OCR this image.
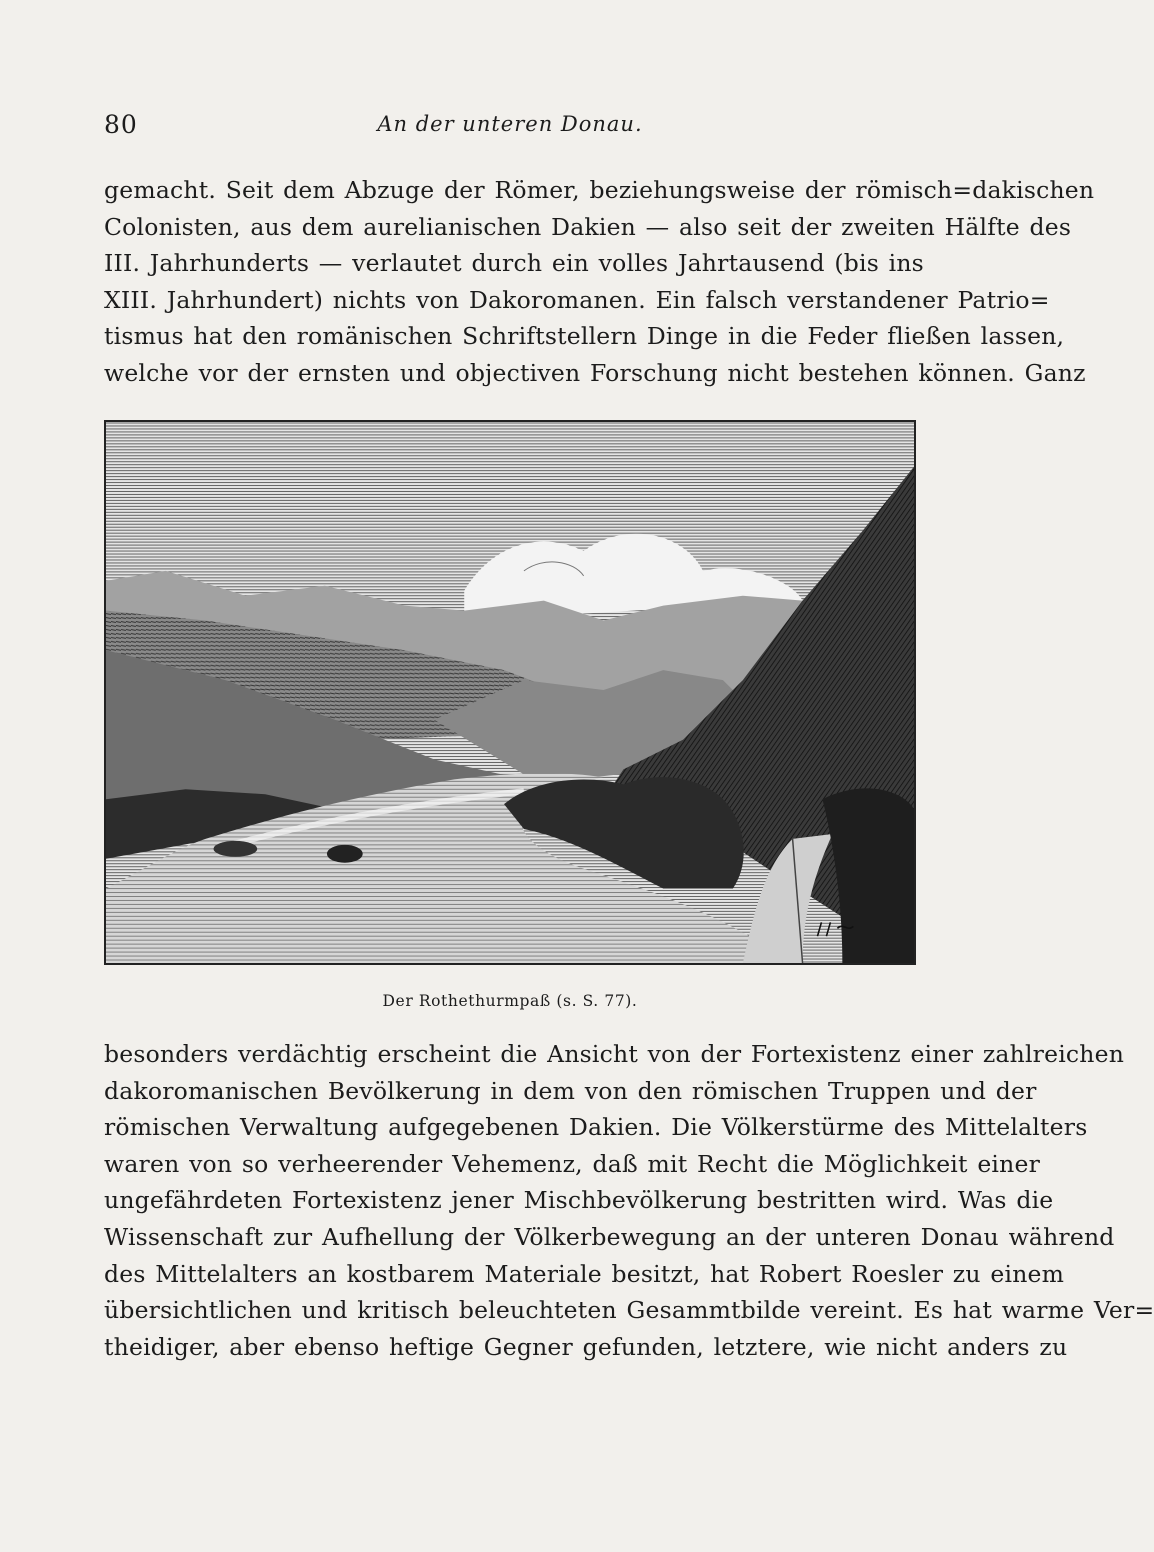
80	An der unteren Donau.

gemacht. Seit dem Abzuge der Römer, beziehungsweise der römisch=dakischen
Colonisten, aus dem aurelianischen Dakien — also seit der zweiten Hälfte des
III. Jahrhunderts — verlautet durch ein volles Jahrtausend (bis ins
XIII. Jahrhundert) nichts von Dakoromanen. Ein falsch verstandener Patrio=
tismus hat den romänischen Schriftstellern Dinge in die Feder fließen lassen,
welche vor der ernsten und objectiven Forschung nicht bestehen können. Ganz

Der Rothethurmpaß (s. S. 77).

besonders verdächtig erscheint die Ansicht von der Fortexistenz einer zahlreichen
dakoromanischen Bevölkerung in dem von den römischen Truppen und der
römischen Verwaltung aufgegebenen Dakien. Die Völkerstürme des Mittelalters
waren von so verheerender Vehemenz, daß mit Recht die Möglichkeit einer
ungefährdeten Fortexistenz jener Mischbevölkerung bestritten wird. Was die
Wissenschaft zur Aufhellung der Völkerbewegung an der unteren Donau während
des Mittelalters an kostbarem Materiale besitzt, hat Robert Roesler zu einem
übersichtlichen und kritisch beleuchteten Gesammtbilde vereint. Es hat warme Ver=
theidiger, aber ebenso heftige Gegner gefunden, letztere, wie nicht anders zu
